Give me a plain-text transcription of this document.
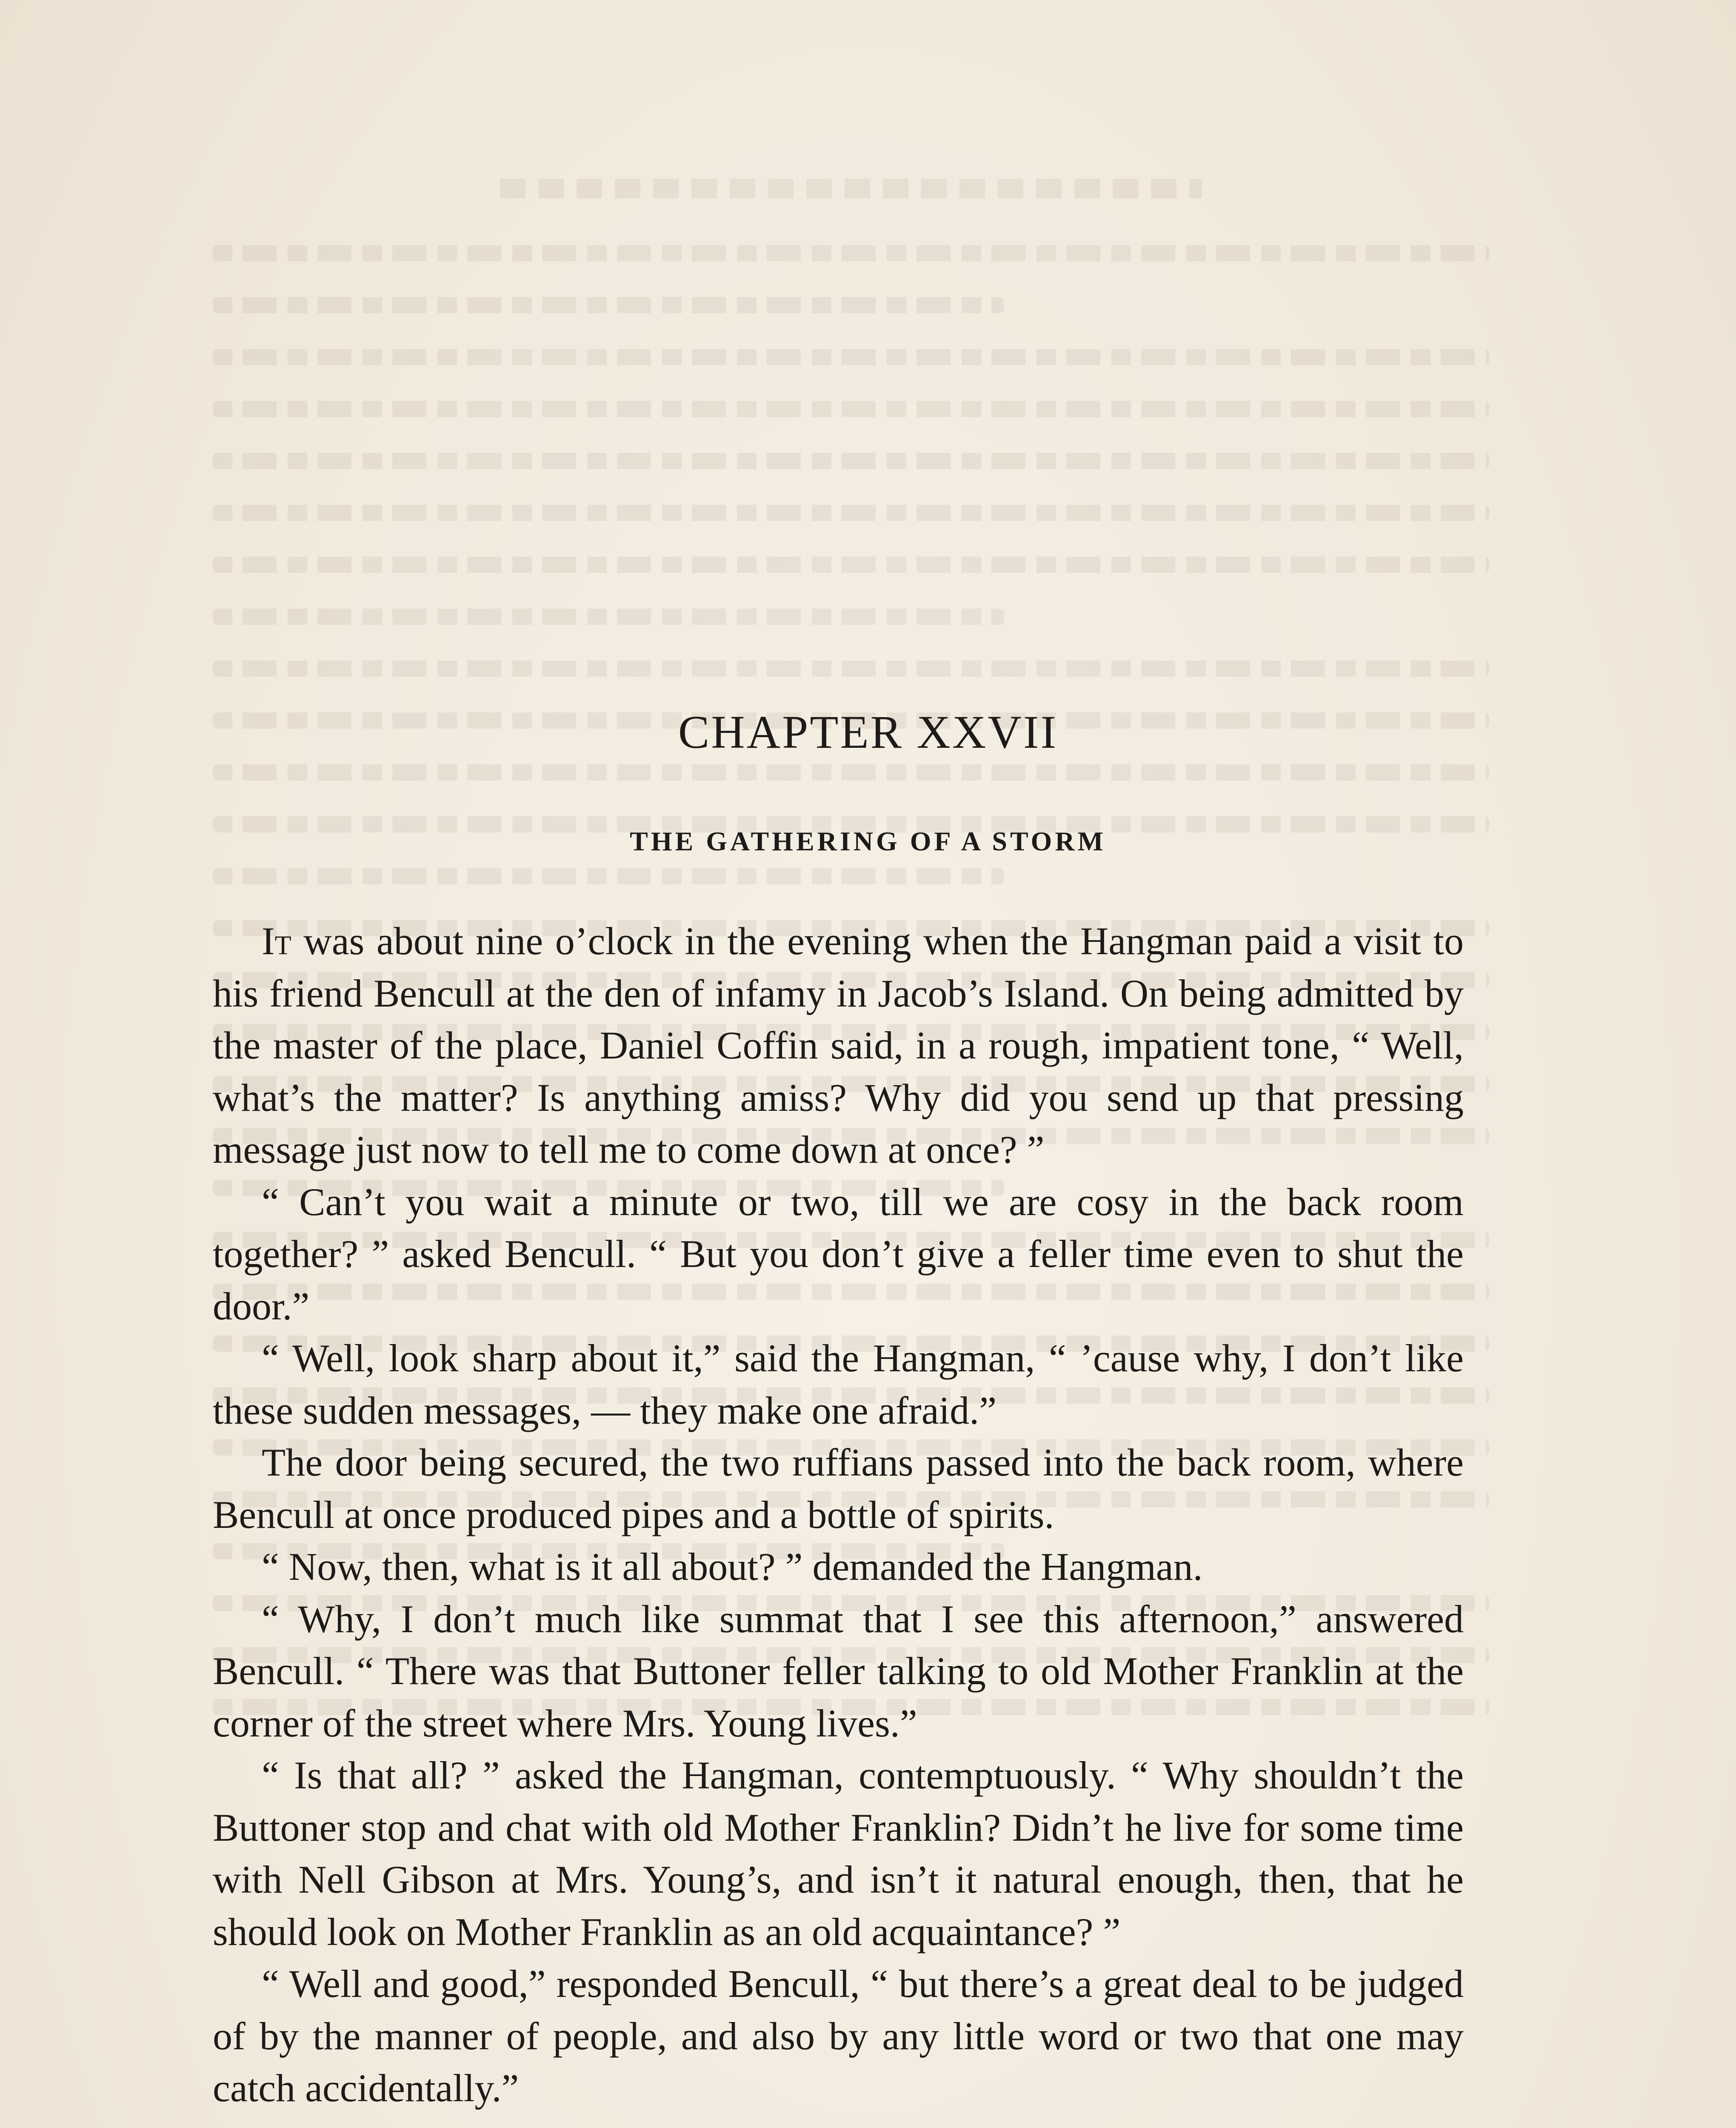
CHAPTER XXVII
THE GATHERING OF A STORM

It was about nine o’clock in the evening when the Hangman paid a visit to his friend Bencull at the den of infamy in Jacob’s Island. On being admitted by the master of the place, Daniel Coffin said, in a rough, impatient tone, “ Well, what’s the matter? Is anything amiss? Why did you send up that pressing message just now to tell me to come down at once? ”

“ Can’t you wait a minute or two, till we are cosy in the back room together? ” asked Bencull. “ But you don’t give a feller time even to shut the door.”

“ Well, look sharp about it,” said the Hangman, “ ’cause why, I don’t like these sudden messages, — they make one afraid.”

The door being secured, the two ruffians passed into the back room, where Bencull at once produced pipes and a bottle of spirits.

“ Now, then, what is it all about? ” demanded the Hangman.

“ Why, I don’t much like summat that I see this afternoon,” answered Bencull. “ There was that Buttoner feller talking to old Mother Franklin at the corner of the street where Mrs. Young lives.”

“ Is that all? ” asked the Hangman, contemptuously. “ Why shouldn’t the Buttoner stop and chat with old Mother Franklin? Didn’t he live for some time with Nell Gibson at Mrs. Young’s, and isn’t it natural enough, then, that he should look on Mother Franklin as an old acquaintance? ”

“ Well and good,” responded Bencull, “ but there’s a great deal to be judged of by the manner of people, and also by any little word or two that one may catch accidentally.”
